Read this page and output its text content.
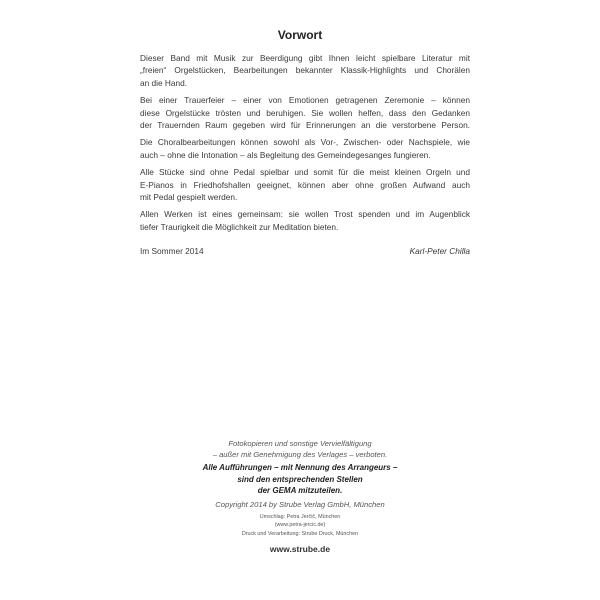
Vorwort
Dieser Band mit Musik zur Beerdigung gibt Ihnen leicht spielbare Literatur mit
„freien“ Orgelstücken, Bearbeitungen bekannter Klassik-Highlights und Chorälen
an die Hand.
Bei einer Trauerfeier – einer von Emotionen getragenen Zeremonie – können
diese Orgelstücke trösten und beruhigen. Sie wollen helfen, dass den Gedanken
der Trauernden Raum gegeben wird für Erinnerungen an die verstorbene Person.
Die Choralbearbeitungen können sowohl als Vor-, Zwischen- oder Nachspiele, wie
auch – ohne die Intonation – als Begleitung des Gemeindegesanges fungieren.
Alle Stücke sind ohne Pedal spielbar und somit für die meist kleinen Orgeln und
E-Pianos in Friedhofshallen geeignet, können aber ohne großen Aufwand auch
mit Pedal gespielt werden.
Allen Werken ist eines gemeinsam: sie wollen Trost spenden und im Augenblick
tiefer Traurigkeit die Möglichkeit zur Meditation bieten.
Im Sommer 2014	Karl-Peter Chilla
Fotokopieren und sonstige Vervielfältigung
– außer mit Genehmigung des Verlages – verboten.
Alle Aufführungen – mit Nennung des Arrangeurs –
sind den entsprechenden Stellen
der GEMA mitzuteilen.
Copyright 2014 by Strube Verlag GmbH, München
Umschlag: Petra Jerčič, München
(www.petra-jercic.de)
Druck und Verarbeitung: Strube Druck, München
www.strube.de
